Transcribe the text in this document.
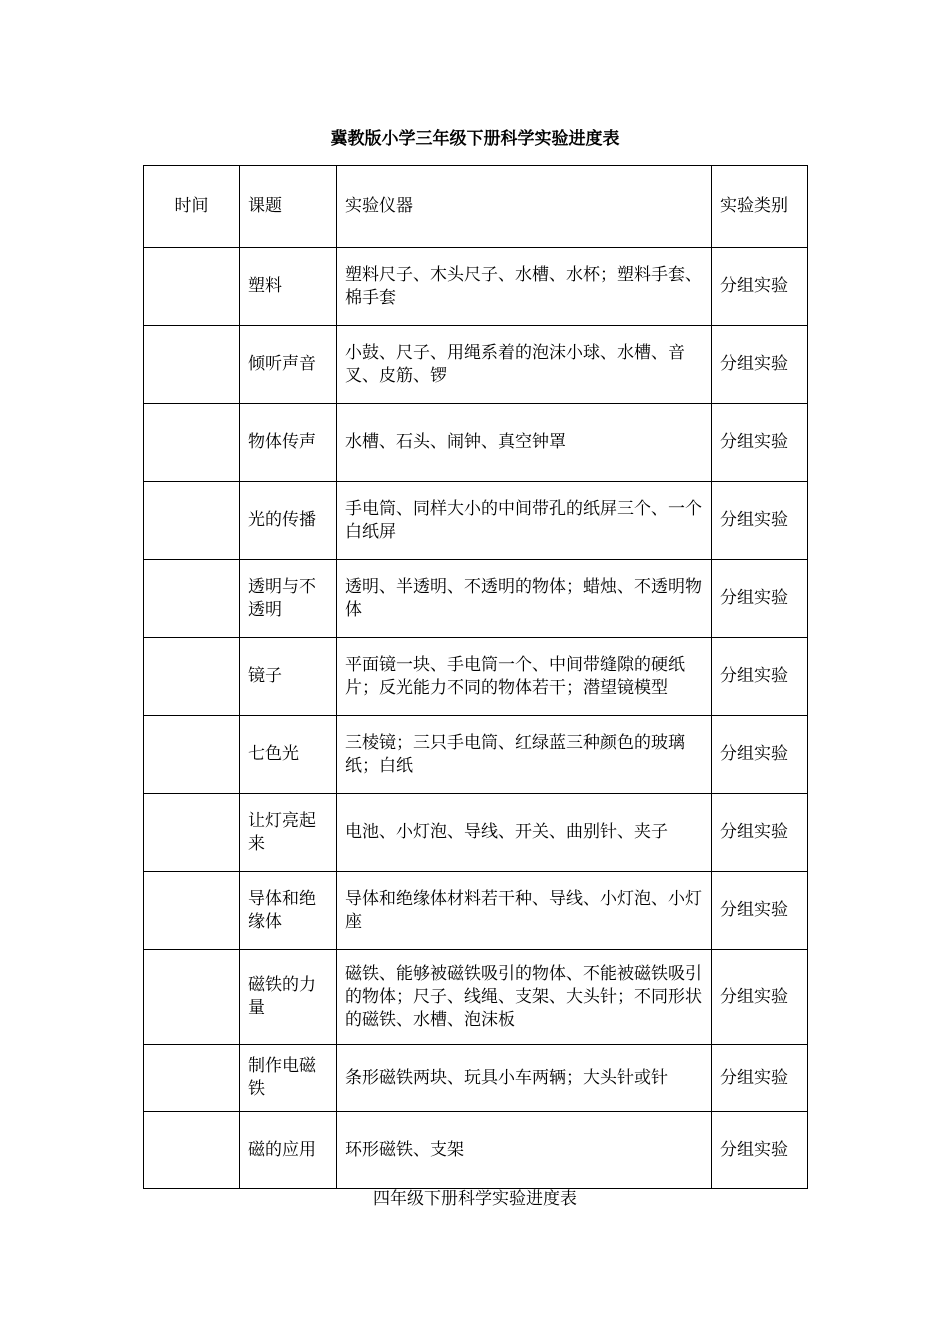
冀教版小学三年级下册科学实验进度表
时间	课题	实验仪器	实验类别
	塑料	塑料尺子、木头尺子、水槽、水杯；塑料手套、棉手套	分组实验
	倾听声音	小鼓、尺子、用绳系着的泡沫小球、水槽、音叉、皮筋、锣	分组实验
	物体传声	水槽、石头、闹钟、真空钟罩	分组实验
	光的传播	手电筒、同样大小的中间带孔的纸屏三个、一个白纸屏	分组实验
	透明与不透明	透明、半透明、不透明的物体；蜡烛、不透明物体	分组实验
	镜子	平面镜一块、手电筒一个、中间带缝隙的硬纸片；反光能力不同的物体若干；潜望镜模型	分组实验
	七色光	三棱镜；三只手电筒、红绿蓝三种颜色的玻璃纸；白纸	分组实验
	让灯亮起来	电池、小灯泡、导线、开关、曲别针、夹子	分组实验
	导体和绝缘体	导体和绝缘体材料若干种、导线、小灯泡、小灯座	分组实验
	磁铁的力量	磁铁、能够被磁铁吸引的物体、不能被磁铁吸引的物体；尺子、线绳、支架、大头针；不同形状的磁铁、水槽、泡沫板	分组实验
	制作电磁铁	条形磁铁两块、玩具小车两辆；大头针或针	分组实验
	磁的应用	环形磁铁、支架	分组实验
四年级下册科学实验进度表
